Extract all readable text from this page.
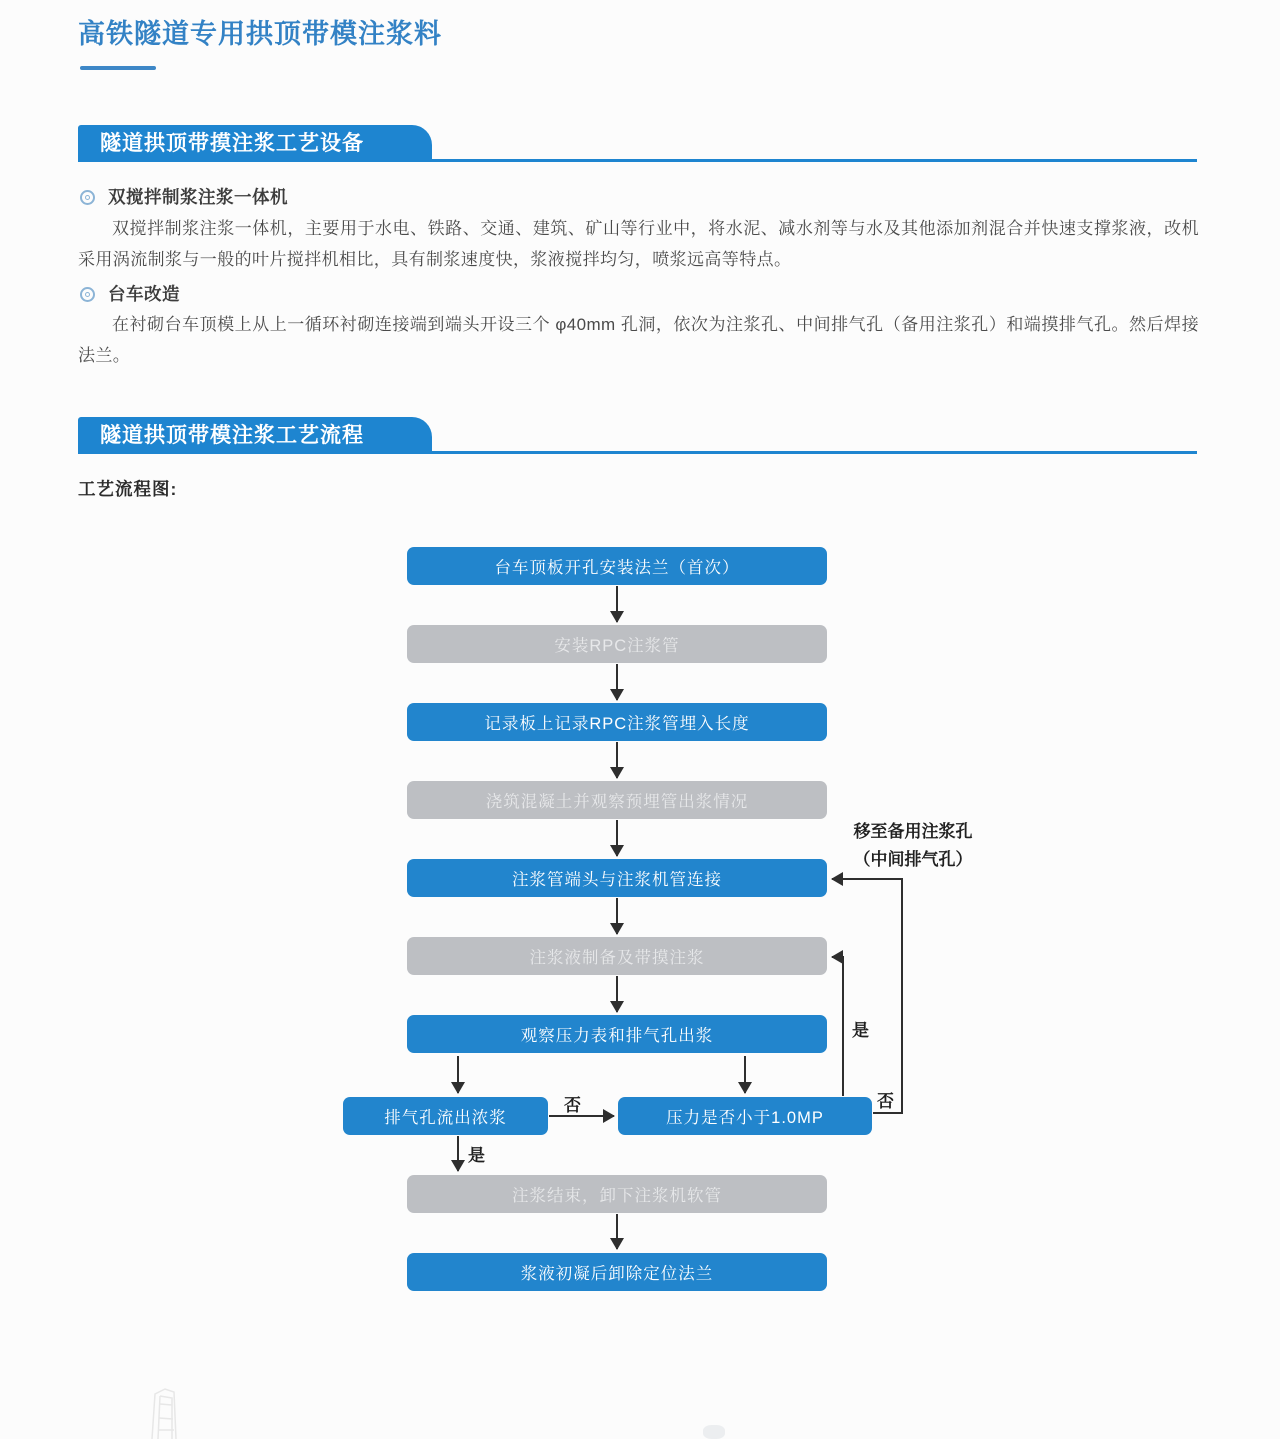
高铁隧道专用拱顶带模注浆料
隧道拱顶带摸注浆工艺设备
双搅拌制浆注浆一体机
双搅拌制浆注浆一体机，主要用于水电、铁路、交通、建筑、矿山等行业中，将水泥、减水剂等与水及其他添加剂混合并快速支撑浆液，改机采用涡流制浆与一般的叶片搅拌机相比，具有制浆速度快，浆液搅拌均匀，喷浆远高等特点。
台车改造
在衬砌台车顶模上从上一循环衬砌连接端到端头开设三个 φ40mm 孔洞，依次为注浆孔、中间排气孔（备用注浆孔）和端摸排气孔。然后焊接法兰。
隧道拱顶带模注浆工艺流程
工艺流程图:
台车顶板开孔安装法兰（首次）
安装RPC注浆管
记录板上记录RPC注浆管埋入长度
浇筑混凝土并观察预埋管出浆情况
注浆管端头与注浆机管连接
注浆液制备及带摸注浆
观察压力表和排气孔出浆
排气孔流出浓浆	压力是否小于1.0MP
注浆结束，卸下注浆机软管
浆液初凝后卸除定位法兰
是
否
是
否
移至备用注浆孔
（中间排气孔）
